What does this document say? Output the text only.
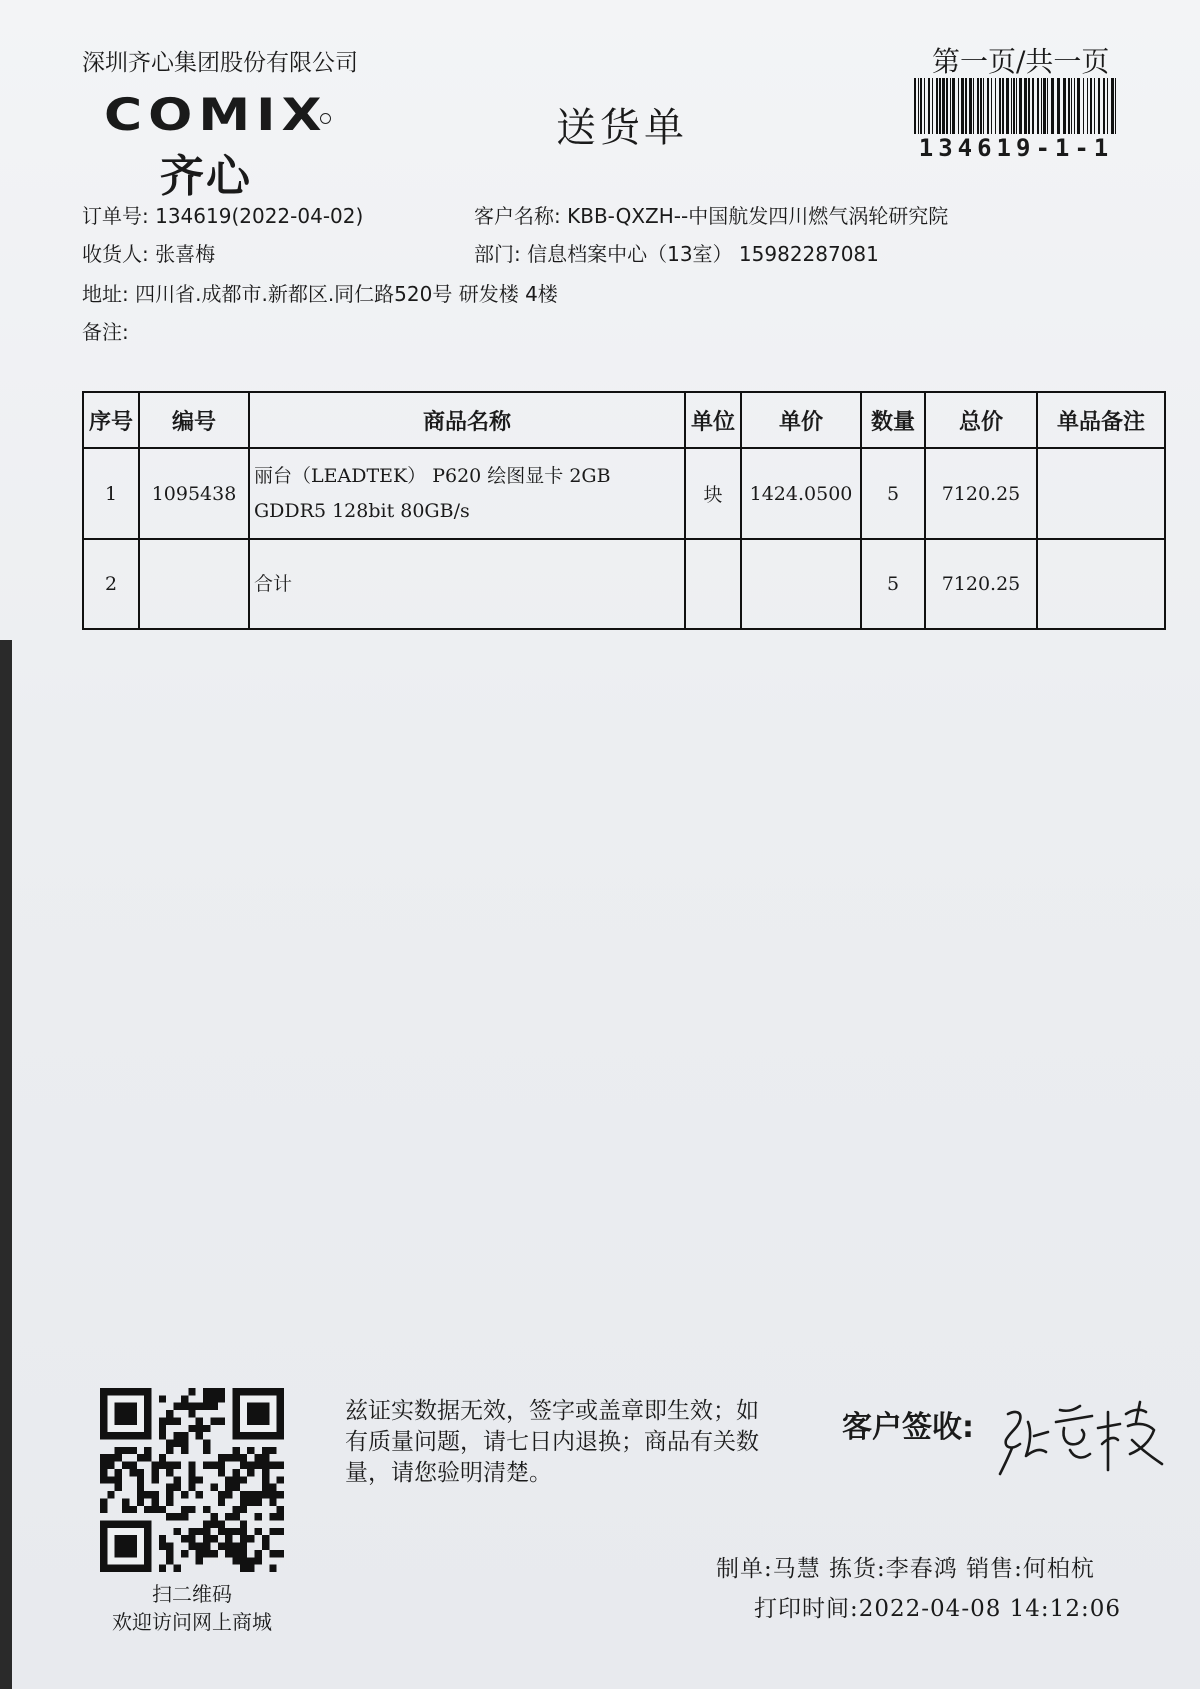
深圳齐心集团股份有限公司	第一页/共一页
134619-1-1
COMIX
齐心
送货单
订单号: 134619(2022-04-02)	客户名称: KBB-QXZH--中国航发四川燃气涡轮研究院
收货人: 张喜梅	部门: 信息档案中心（13室） 15982287081
地址: 四川省.成都市.新都区.同仁路520号 研发楼 4楼
备注:
序号	编号	商品名称	单位	单价	数量	总价	单品备注
1	1095438	丽台（LEADTEK） P620 绘图显卡 2GB GDDR5 128bit 80GB/s	块	1424.0500	5	7120.25	
2		合计			5	7120.25	
扫二维码
欢迎访问网上商城
兹证实数据无效，签字或盖章即生效；如有质量问题，请七日内退换；商品有关数量，请您验明清楚。
客户签收:
制单:马慧 拣货:李春鸿 销售:何柏杭
打印时间:2022-04-08 14:12:06
